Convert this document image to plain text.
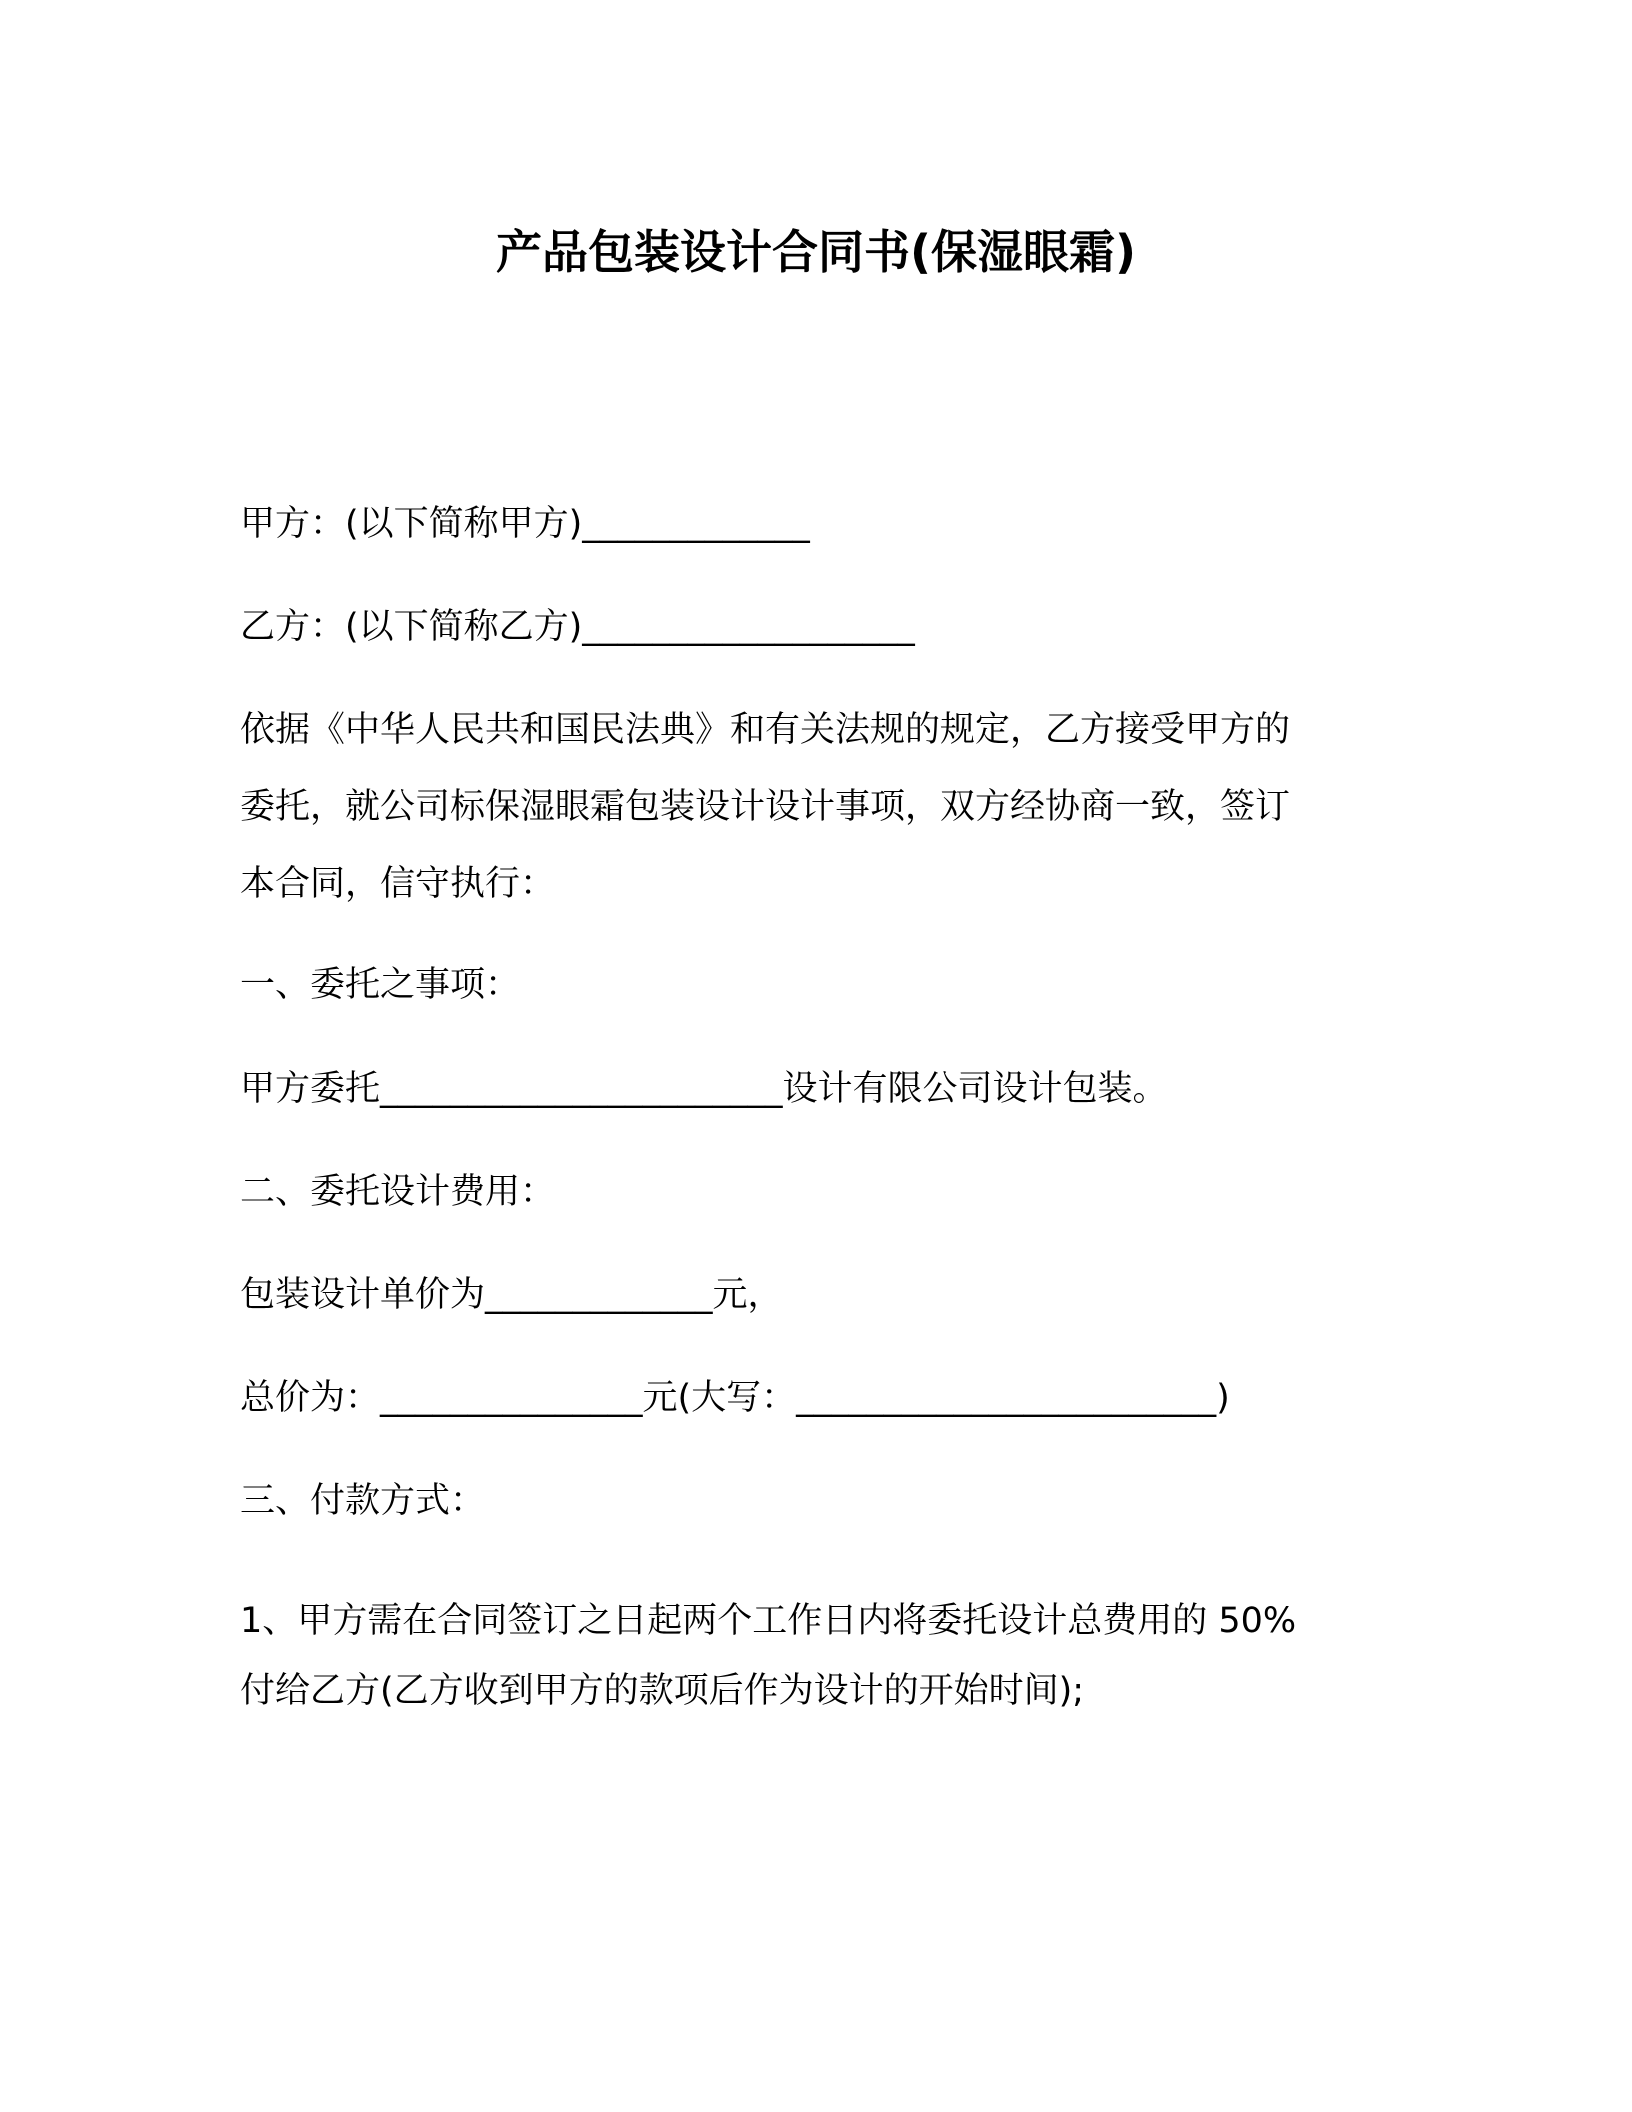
产品包装设计合同书(保湿眼霜)
甲方：(以下简称甲方)_____________
乙方：(以下简称乙方)___________________
依据《中华人民共和国民法典》和有关法规的规定，乙方接受甲方的
委托，就公司标保湿眼霜包装设计设计事项，双方经协商一致，签订
本合同，信守执行：
一、委托之事项：
甲方委托_______________________设计有限公司设计包装。
二、委托设计费用：
包装设计单价为_____________元，
总价为：_______________元(大写：________________________)
三、付款方式：
1、甲方需在合同签订之日起两个工作日内将委托设计总费用的 50%
付给乙方(乙方收到甲方的款项后作为设计的开始时间);
